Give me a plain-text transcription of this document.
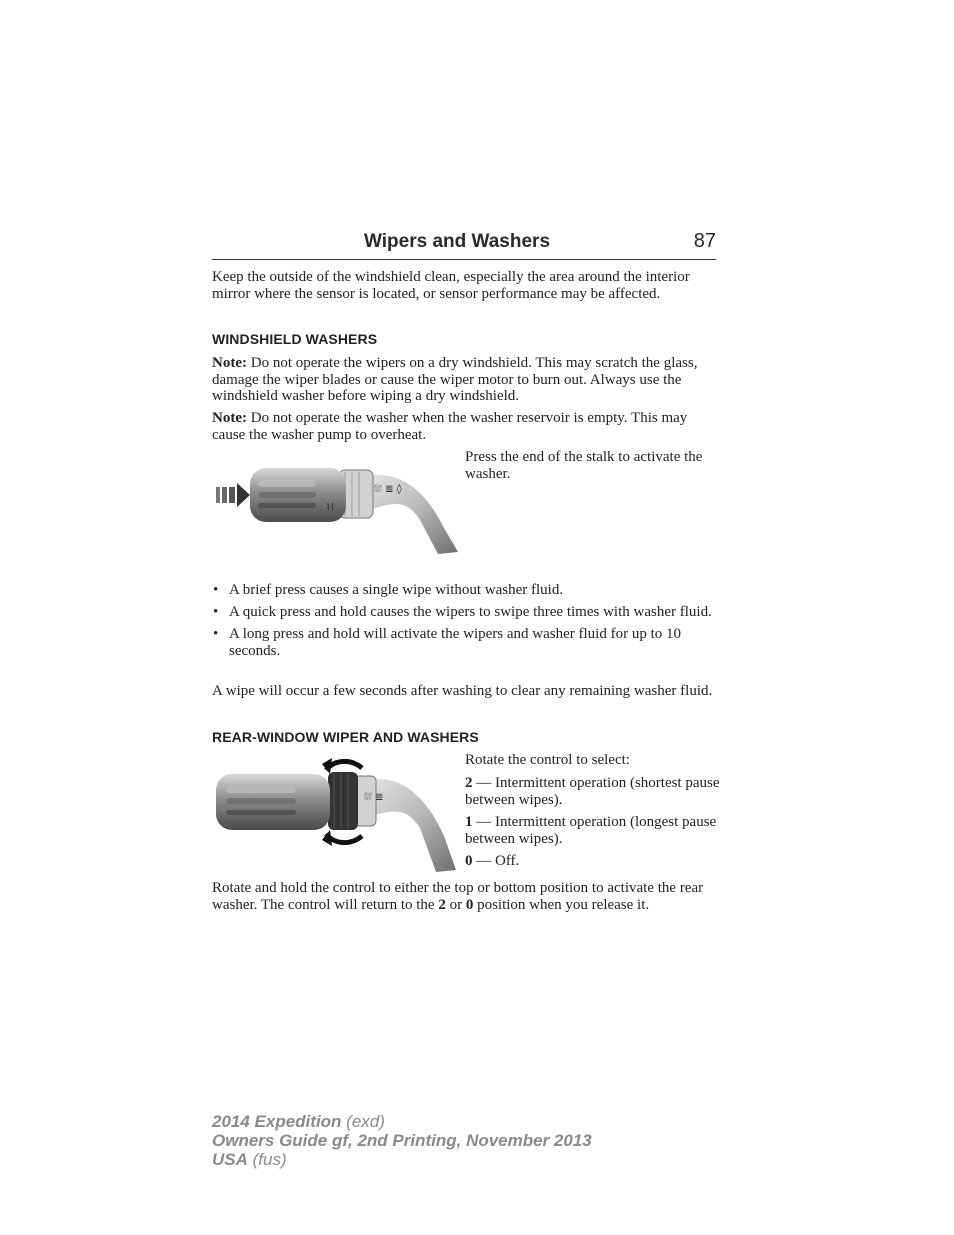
Wipers and Washers	87

Keep the outside of the windshield clean, especially the area around the interior mirror where the sensor is located, or sensor performance may be affected.

WINDSHIELD WASHERS

Note: Do not operate the wipers on a dry windshield. This may scratch the glass, damage the wiper blades or cause the wiper motor to burn out. Always use the windshield washer before wiping a dry windshield.

Note: Do not operate the washer when the washer reservoir is empty. This may cause the washer pump to overheat.

⌇⌇
⛆ ≣ ◊

Press the end of the stalk to activate the washer.

• A brief press causes a single wipe without washer fluid.
• A quick press and hold causes the wipers to swipe three times with washer fluid.
• A long press and hold will activate the wipers and washer fluid for up to 10 seconds.

A wipe will occur a few seconds after washing to clear any remaining washer fluid.

REAR-WINDOW WIPER AND WASHERS
⛆ ≣

Rotate the control to select:

2 — Intermittent operation (shortest pause between wipes).

1 — Intermittent operation (longest pause between wipes).

0 — Off.

Rotate and hold the control to either the top or bottom position to activate the rear washer. The control will return to the 2 or 0 position when you release it.

2014 Expedition (exd)
Owners Guide gf, 2nd Printing, November 2013
USA (fus)
